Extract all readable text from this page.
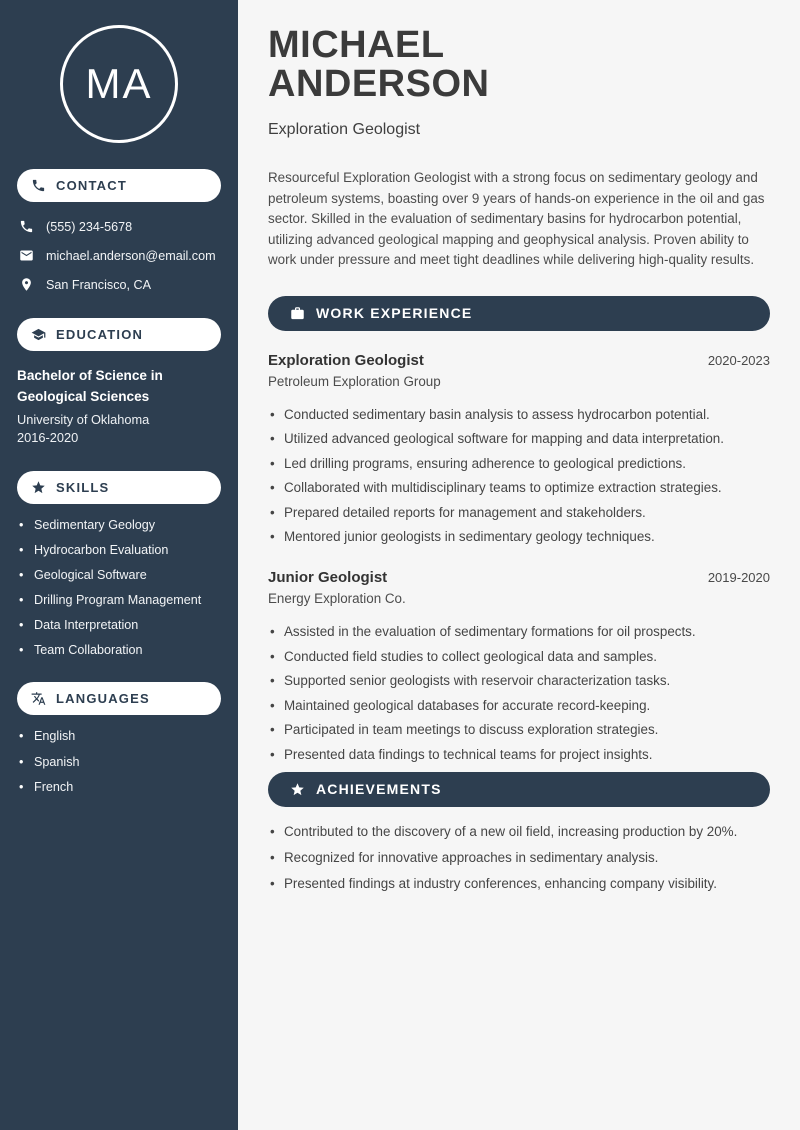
MA
CONTACT
(555) 234-5678
michael.anderson@email.com
San Francisco, CA
EDUCATION
Bachelor of Science in Geological Sciences
University of Oklahoma
2016-2020
SKILLS
• Sedimentary Geology
• Hydrocarbon Evaluation
• Geological Software
• Drilling Program Management
• Data Interpretation
• Team Collaboration
LANGUAGES
• English
• Spanish
• French
MICHAEL
ANDERSON
Exploration Geologist

Resourceful Exploration Geologist with a strong focus on sedimentary geology and petroleum systems, boasting over 9 years of hands-on experience in the oil and gas sector. Skilled in the evaluation of sedimentary basins for hydrocarbon potential, utilizing advanced geological mapping and geophysical analysis. Proven ability to work under pressure and meet tight deadlines while delivering high-quality results.

WORK EXPERIENCE
Exploration Geologist	2020-2023
Petroleum Exploration Group
• Conducted sedimentary basin analysis to assess hydrocarbon potential.
• Utilized advanced geological software for mapping and data interpretation.
• Led drilling programs, ensuring adherence to geological predictions.
• Collaborated with multidisciplinary teams to optimize extraction strategies.
• Prepared detailed reports for management and stakeholders.
• Mentored junior geologists in sedimentary geology techniques.
Junior Geologist	2019-2020
Energy Exploration Co.
• Assisted in the evaluation of sedimentary formations for oil prospects.
• Conducted field studies to collect geological data and samples.
• Supported senior geologists with reservoir characterization tasks.
• Maintained geological databases for accurate record-keeping.
• Participated in team meetings to discuss exploration strategies.
• Presented data findings to technical teams for project insights.
ACHIEVEMENTS
• Contributed to the discovery of a new oil field, increasing production by 20%.
• Recognized for innovative approaches in sedimentary analysis.
• Presented findings at industry conferences, enhancing company visibility.
